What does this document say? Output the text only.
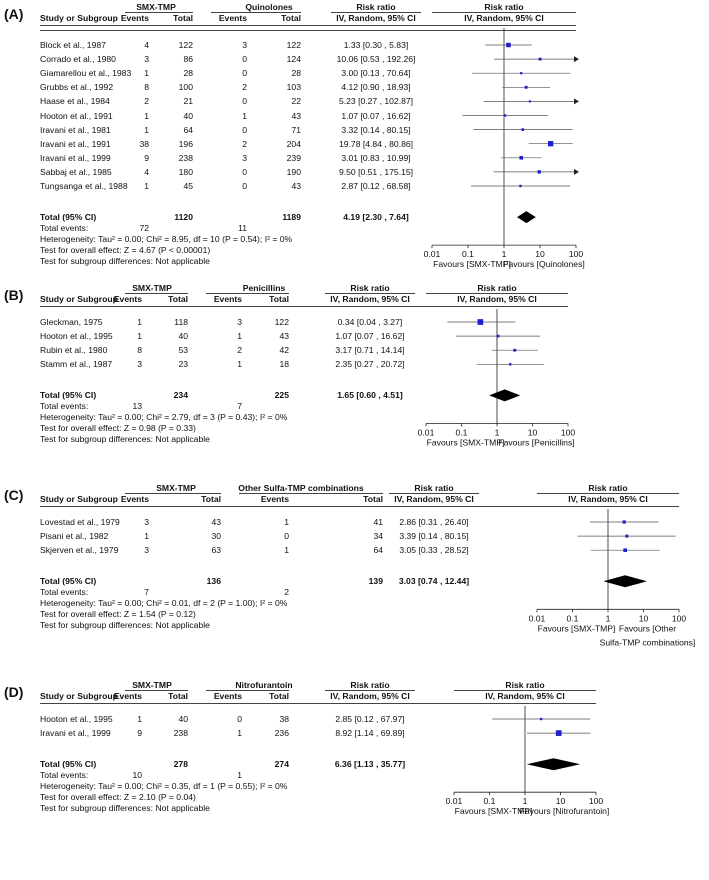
(A)	SMX-TMP	Quinolones	Risk ratio	Risk ratio
Study or Subgroup Events	Total	Events	Total	IV, Random, 95% CI	IV, Random, 95% CI
Block et al., 1987	4	122	3	122	1.33 [0.30 , 5.83]
Corrado et al., 1980	3	86	0	124	10.06 [0.53 , 192.26]
Giamarellou et al., 1983 1	28	0	28	3.00 [0.13 , 70.64]
Grubbs et al., 1992	8	100	2	103	4.12 [0.90 , 18.93]
Haase et al., 1984	2	21	0	22	5.23 [0.27 , 102.87]
Hooton et al., 1991	1	40	1	43	1.07 [0.07 , 16.62]
Iravani et al., 1981	1	64	0	71	3.32 [0.14 , 80.15]
Iravani et al., 1991	38	196	2	204	19.78 [4.84 , 80.86]
Iravani et al., 1999	9	238	3	239	3.01 [0.83 , 10.99]
Sabbaj et al., 1985	4	180	0	190	9.50 [0.51 , 175.15]
Tungsanga et al., 1988 1	45	0	43	2.87 [0.12 , 68.58]
Total (95% CI)	1120	1189	4.19 [2.30 , 7.64]
Total events:	72	11
Heterogeneity: Tau² = 0.00; Chi² = 8.95, df = 10 (P = 0.54); I² = 0%
Test for overall effect: Z = 4.67 (P < 0.00001)
Test for subgroup differences: Not applicable
0.01	0.1	1	10	100
Favours [SMX-TMP]
Favours [Quinolones]
(B)	SMX-TMP	Penicillins	Risk ratio	Risk ratio
Study or Subgroup
Events	Total	Events	Total	IV, Random, 95% CI	IV, Random, 95% CI
Gleckman, 1975	1	118	3	122	0.34 [0.04 , 3.27]
Hooton et al., 1995	1	40	1	43	1.07 [0.07 , 16.62]
Rubin et al., 1980	8	53	2	42	3.17 [0.71 , 14.14]
Stamm et al., 1987	3	23	1	18	2.35 [0.27 , 20.72]
Total (95% CI)	234	225	1.65 [0.60 , 4.51]
Total events:	13	7
Heterogeneity: Tau² = 0.00; Chi² = 2.79, df = 3 (P = 0.43); I² = 0%
Test for overall effect: Z = 0.98 (P = 0.33)
Test for subgroup differences: Not applicable
0.01 0.1	1	10	100
Favours [SMX-TMP]
Favours [Penicillins]
(C)	SMX-TMP	Other Sulfa-TMP combinations	Risk ratio	Risk ratio
Study or Subgroup Events	Total	Events	Total	IV, Random, 95% CI	IV, Random, 95% CI
Lovestad et al., 1979	3	43	1	41	2.86 [0.31 , 26.40]
Pisani et al., 1982	1	30	0	34	3.39 [0.14 , 80.15]
Skjerven et al., 1979	3	63	1	64	3.05 [0.33 , 28.52]
Total (95% CI)	136	139	3.03 [0.74 , 12.44]
Total events:	7	2
Heterogeneity: Tau² = 0.00; Chi² = 0.01, df = 2 (P = 1.00); I² = 0%
Test for overall effect: Z = 1.54 (P = 0.12)
Test for subgroup differences: Not applicable
0.01 0.1	1	10	100
Favours [SMX-TMP] Favours [Other
Sulfa-TMP combinations]
(D)	SMX-TMP	Nitrofurantoin	Risk ratio	Risk ratio
Study or Subgroup
Events	Total	Events	Total	IV, Random, 95% CI	IV, Random, 95% CI
Hooton et al., 1995	1	40	0	38	2.85 [0.12 , 67.97]
Iravani et al., 1999	9	238	1	236	8.92 [1.14 , 69.89]
Total (95% CI)	278	274	6.36 [1.13 , 35.77]
Total events:	10	1
Heterogeneity: Tau² = 0.00; Chi² = 0.35, df = 1 (P = 0.55); I² = 0%
Test for overall effect: Z = 2.10 (P = 0.04)
Test for subgroup differences: Not applicable
0.01 0.1	1	10	100
Favours [SMX-TMP]
Favours [Nitrofurantoin]
